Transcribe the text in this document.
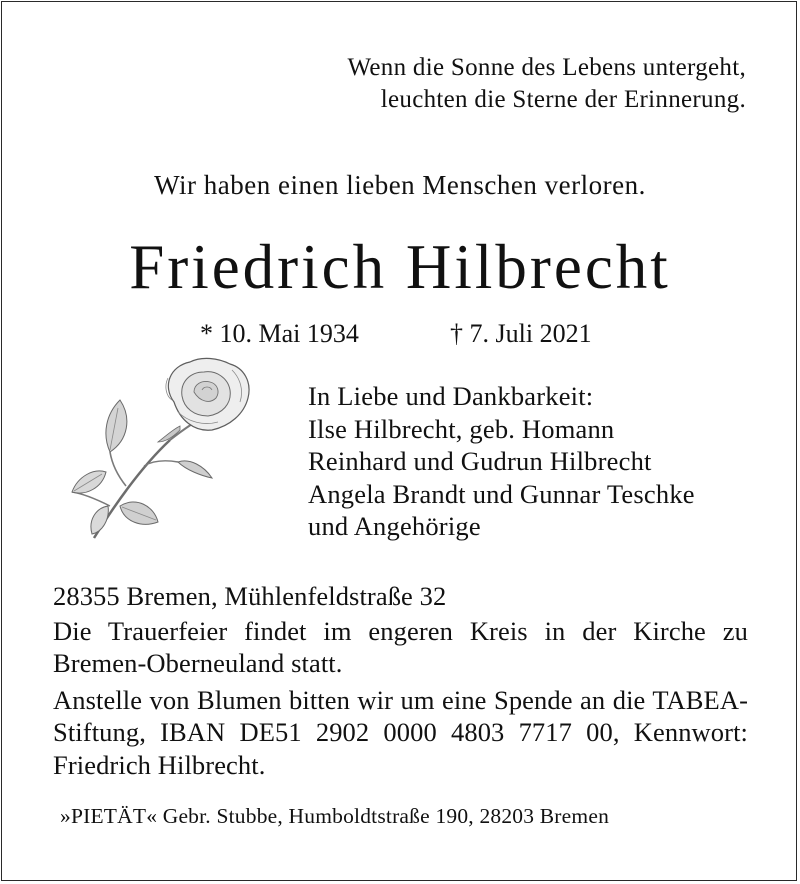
Wenn die Sonne des Lebens untergeht,
leuchten die Sterne der Erinnerung.
Wir haben einen lieben Menschen verloren.
Friedrich Hilbrecht
* 10. Mai 1934	† 7. Juli 2021
In Liebe und Dankbarkeit:
Ilse Hilbrecht, geb. Homann
Reinhard und Gudrun Hilbrecht
Angela Brandt und Gunnar Teschke
und Angehörige

28355 Bremen, Mühlenfeldstraße 32

Die Trauerfeier findet im engeren Kreis in der Kirche zu Bremen-Oberneuland statt.

Anstelle von Blumen bitten wir um eine Spende an die TABEA-Stiftung, IBAN DE51 2902 0000 4803 7717 00, Kennwort: Friedrich Hilbrecht.

»PIETÄT« Gebr. Stubbe, Humboldtstraße 190, 28203 Bremen
